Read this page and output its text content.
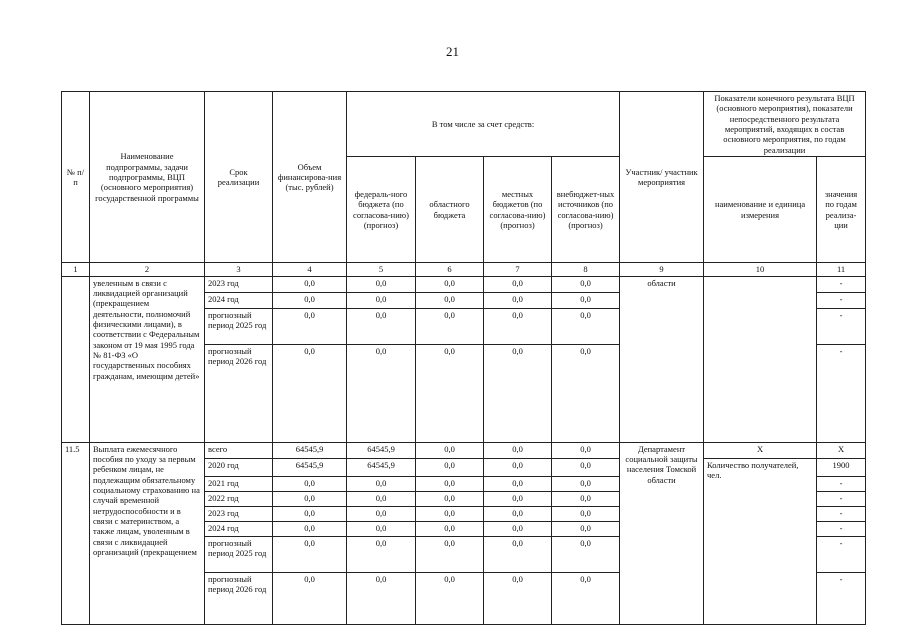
21
№ п/п	Наименование подпрограммы, задачи подпрограммы, ВЦП (основного мероприятия) государственной программы	Срок реализации	Объем финансирова-ния (тыс. рублей)	В том числе за счет средств:				Участник/ участник мероприятия	Показатели конечного результата ВЦП (основного мероприятия), показатели непосредственного результата мероприятий, входящих в состав основного мероприятия, по годам реализации	
				федераль-ного бюджета (по согласова-нию) (прогноз)	областного бюджета	местных бюджетов (по согласова-нию) (прогноз)	внебюджет-ных источников (по согласова-нию) (прогноз)		наименование и единица измерения	значения по годам реализа-ции
1	2	3	4	5	6	7	8	9	10	11
	увеленным в связи с ликвидацией организаций (прекращением деятельности, полномочий физическими лицами), в соответствии с Федеральным законом от 19 мая 1995 года № 81-ФЗ «О государственных пособиях гражданам, имеющим детей»	2023 год	0,0	0,0	0,0	0,0	0,0	области		-
		2024 год	0,0	0,0	0,0	0,0	0,0			-
		прогнозный период 2025 год	0,0	0,0	0,0	0,0	0,0			-
		прогнозный период 2026 год	0,0	0,0	0,0	0,0	0,0			-
11.5	Выплата ежемесячного пособия по уходу за первым ребенком лицам, не подлежащим обязательному социальному страхованию на случай временной нетрудоспособности и в связи с материнством, а также лицам, уволенным в связи с ликвидацией организаций (прекращением	всего	64545,9	64545,9	0,0	0,0	0,0	Департамент социальной защиты населения Томской области	Х	Х
		2020 год	64545,9	64545,9	0,0	0,0	0,0		Количество получателей, чел.	1900
		2021 год	0,0	0,0	0,0	0,0	0,0			-
		2022 год	0,0	0,0	0,0	0,0	0,0			-
		2023 год	0,0	0,0	0,0	0,0	0,0			-
		2024 год	0,0	0,0	0,0	0,0	0,0			-
		прогнозный период 2025 год	0,0	0,0	0,0	0,0	0,0			-
		прогнозный период 2026 год	0,0	0,0	0,0	0,0	0,0			-
